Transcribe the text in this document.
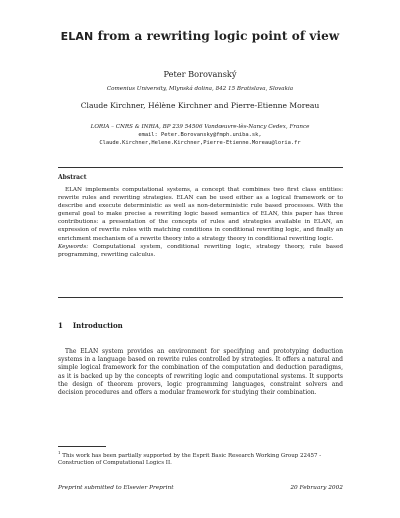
ELAN from a rewriting logic point of view
Peter Borovanský
Comenius University, Mlynská dolina, 842 15 Bratislava, Slovakia
Claude Kirchner, Hélène Kirchner and Pierre-Etienne Moreau
LORIA – CNRS & INRIA, BP 239 54506 Vandœuvre-lès-Nancy Cedex, France
email: Peter.Borovansky@fmph.uniba.sk,
Claude.Kirchner,Helene.Kirchner,Pierre-Etienne.Moreau@loria.fr
Abstract

ELAN implements computational systems, a concept that combines two first class entities: rewrite rules and rewriting strategies. ELAN can be used either as a logical framework or to describe and execute deterministic as well as non-deterministic rule based processes. With the general goal to make precise a rewriting logic based semantics of ELAN, this paper has three contributions: a presentation of the concepts of rules and strategies available in ELAN, an expression of rewrite rules with matching conditions in conditional rewriting logic, and finally an enrichment mechanism of a rewrite theory into a strategy theory in conditional rewriting logic.

Keywords: Computational system, conditional rewriting logic, strategy theory, rule based programming, rewriting calculus.

1 Introduction

The ELAN system provides an environment for specifying and prototyping deduction systems in a language based on rewrite rules controlled by strategies. It offers a natural and simple logical framework for the combination of the computation and deduction paradigms, as it is backed up by the concepts of rewriting logic and computational systems. It supports the design of theorem provers, logic programming languages, constraint solvers and decision procedures and offers a modular framework for studying their combination.

$^1$ This work has been partially supported by the Esprit Basic Research Working Group 22457 - Construction of Computational Logics II.
Preprint submitted to Elsevier Preprint	20 February 2002
